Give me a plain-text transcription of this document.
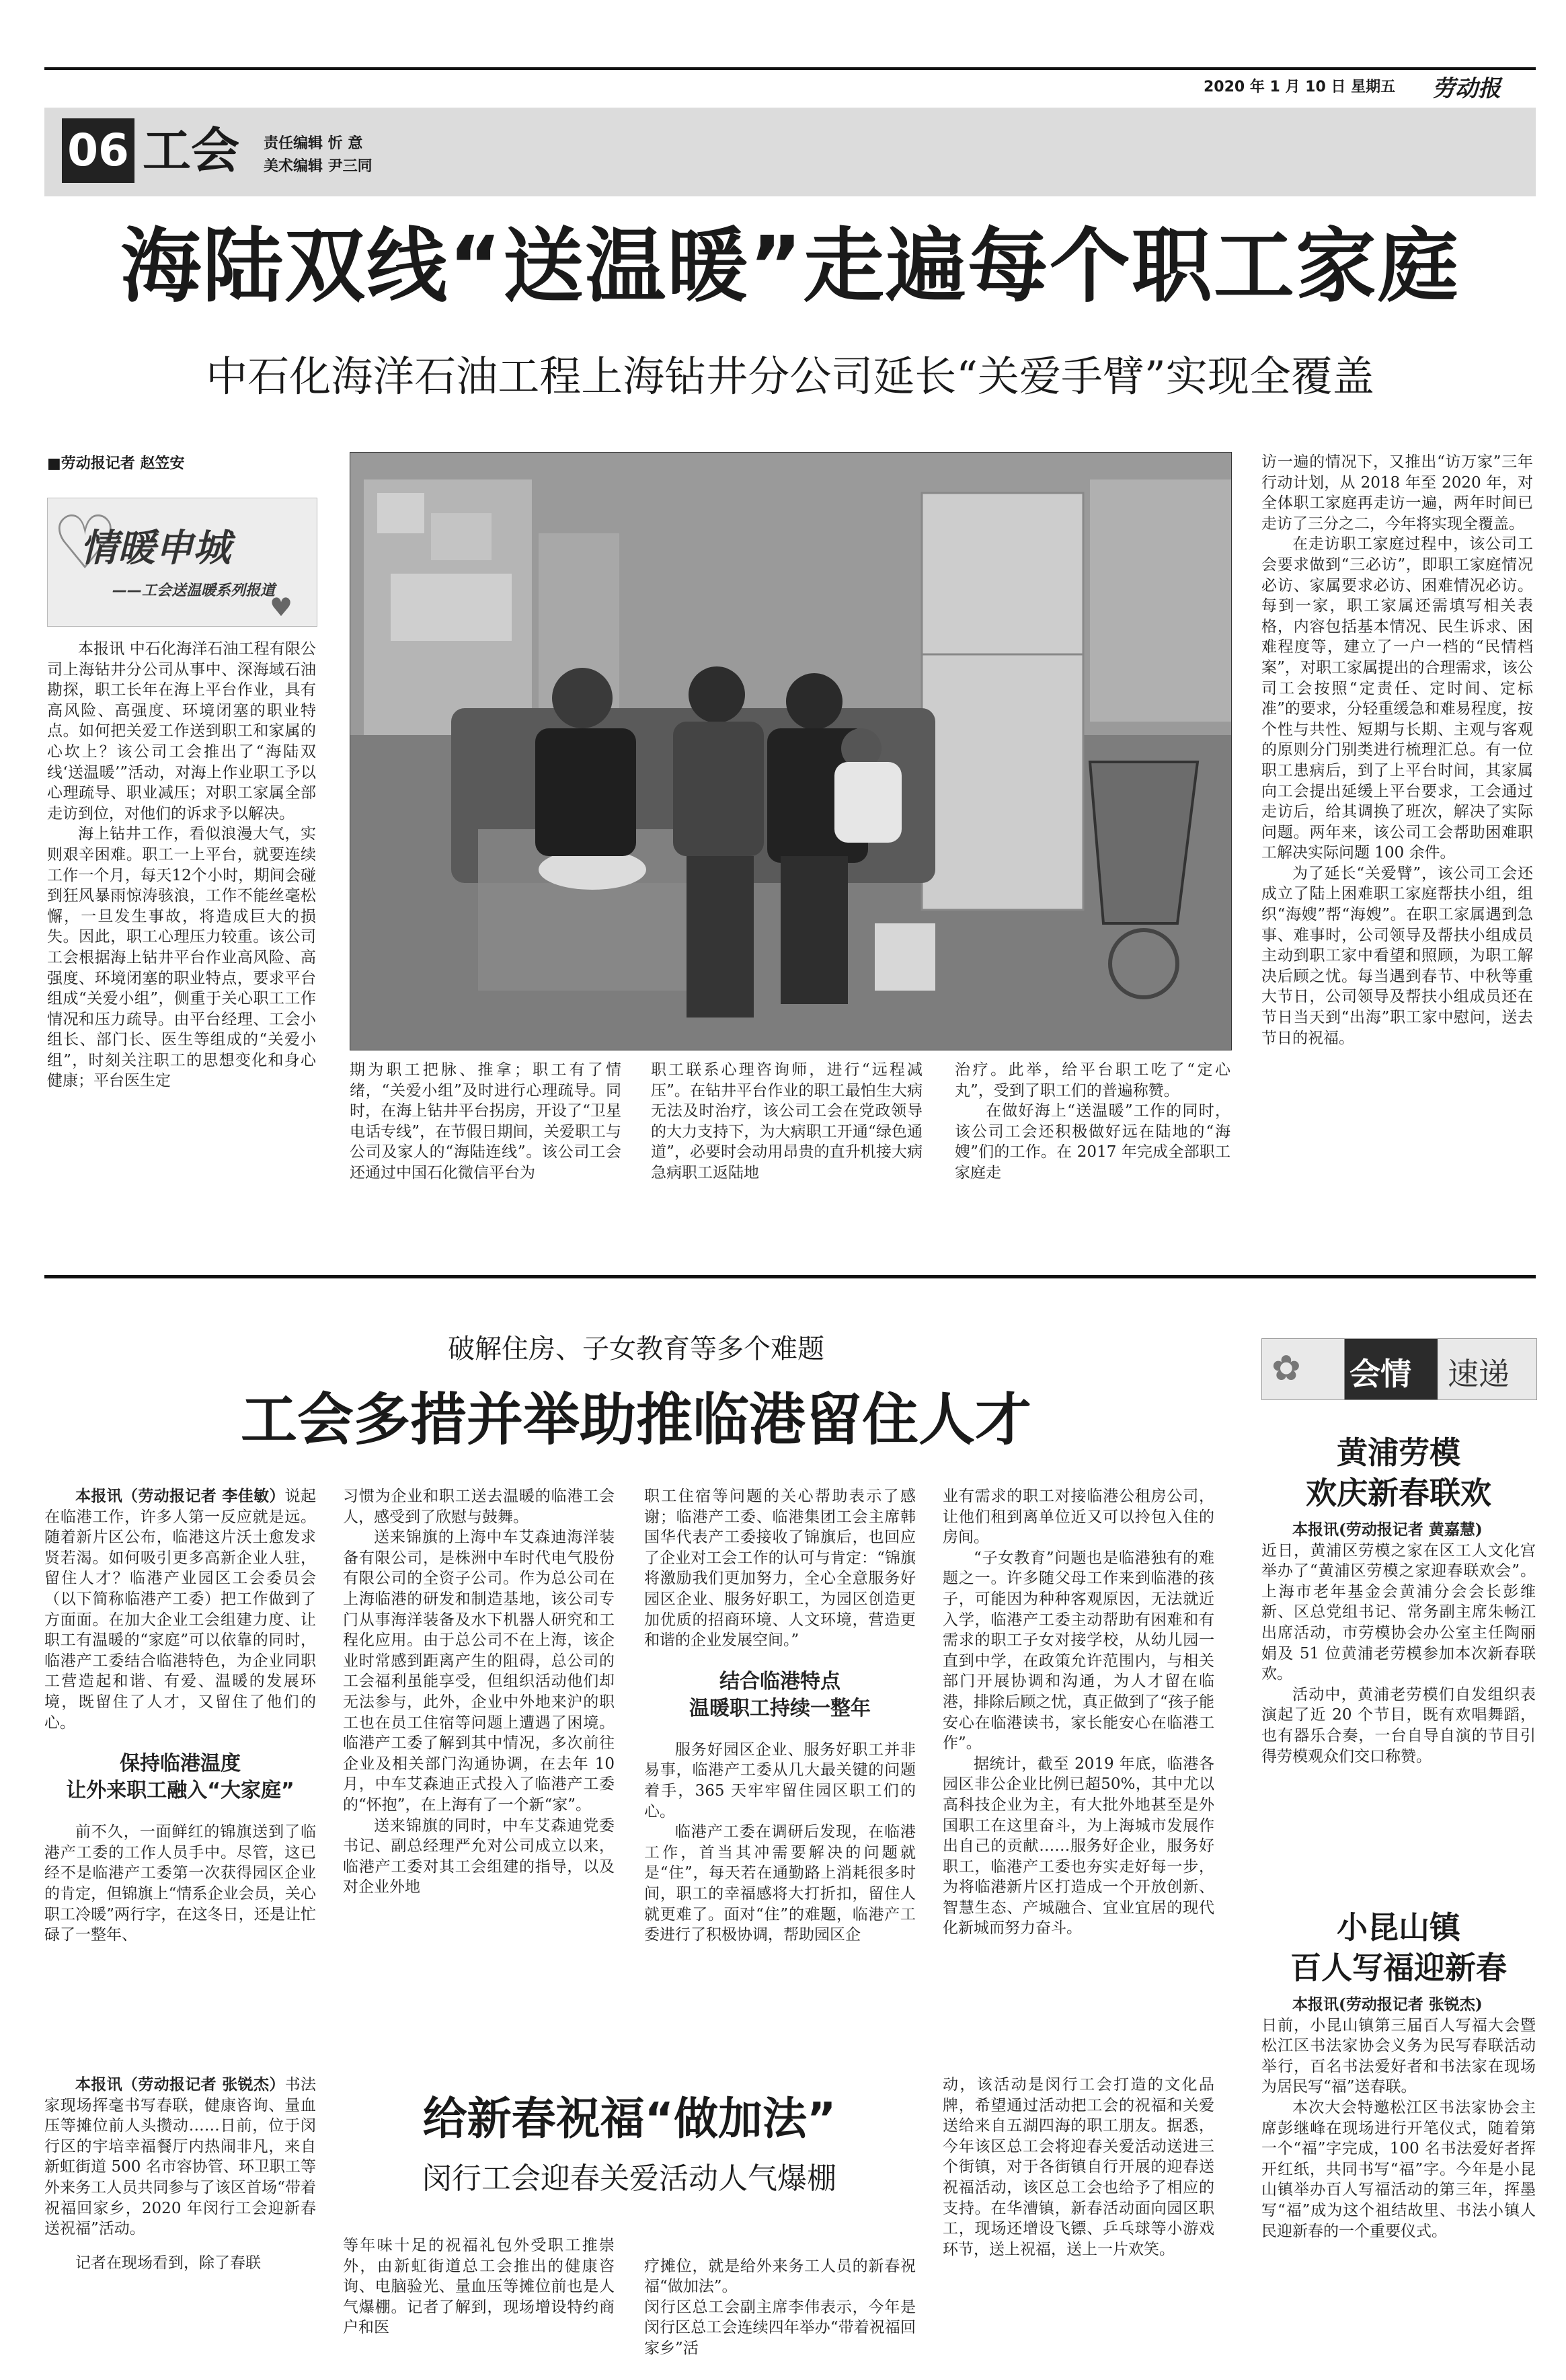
2020 年 1 月 10 日 星期五 劳动报
06 工会 责任编辑 忻 意
美术编辑 尹三同
海陆双线“送温暖”走遍每个职工家庭
中石化海洋石油工程上海钻井分公司延长“关爱手臂”实现全覆盖
■劳动报记者 赵笠安
♡
情暖申城
——工会送温暖系列报道
♥

本报讯 中石化海洋石油工程有限公司上海钻井分公司从事中、深海域石油勘探，职工长年在海上平台作业，具有高风险、高强度、环境闭塞的职业特点。如何把关爱工作送到职工和家属的心坎上？该公司工会推出了“海陆双线‘送温暖’”活动，对海上作业职工予以心理疏导、职业减压；对职工家属全部走访到位，对他们的诉求予以解决。

海上钻井工作，看似浪漫大气，实则艰辛困难。职工一上平台，就要连续工作一个月，每天12个小时，期间会碰到狂风暴雨惊涛骇浪，工作不能丝毫松懈，一旦发生事故，将造成巨大的损失。因此，职工心理压力较重。该公司工会根据海上钻井平台作业高风险、高强度、环境闭塞的职业特点，要求平台组成“关爱小组”，侧重于关心职工工作情况和压力疏导。由平台经理、工会小组长、部门长、医生等组成的“关爱小组”，时刻关注职工的思想变化和身心健康；平台医生定

期为职工把脉、推拿；职工有了情绪，“关爱小组”及时进行心理疏导。同时，在海上钻井平台拐房，开设了“卫星电话专线”，在节假日期间，关爱职工与公司及家人的“海陆连线”。该公司工会还通过中国石化微信平台为

职工联系心理咨询师，进行“远程减压”。在钻井平台作业的职工最怕生大病无法及时治疗，该公司工会在党政领导的大力支持下，为大病职工开通“绿色通道”，必要时会动用昂贵的直升机接大病急病职工返陆地

治疗。此举，给平台职工吃了“定心丸”，受到了职工们的普遍称赞。

在做好海上“送温暖”工作的同时，该公司工会还积极做好远在陆地的“海嫂”们的工作。在 2017 年完成全部职工家庭走

访一遍的情况下，又推出“访万家”三年行动计划，从 2018 年至 2020 年，对全体职工家庭再走访一遍，两年时间已走访了三分之二，今年将实现全覆盖。

在走访职工家庭过程中，该公司工会要求做到“三必访”，即职工家庭情况必访、家属要求必访、困难情况必访。每到一家，职工家属还需填写相关表格，内容包括基本情况、民生诉求、困难程度等，建立了一户一档的“民情档案”，对职工家属提出的合理需求，该公司工会按照“定责任、定时间、定标准”的要求，分轻重缓急和难易程度，按个性与共性、短期与长期、主观与客观的原则分门别类进行梳理汇总。有一位职工患病后，到了上平台时间，其家属向工会提出延缓上平台要求，工会通过走访后，给其调换了班次，解决了实际问题。两年来，该公司工会帮助困难职工解决实际问题 100 余件。

为了延长“关爱臂”，该公司工会还成立了陆上困难职工家庭帮扶小组，组织“海嫂”帮“海嫂”。在职工家属遇到急事、难事时，公司领导及帮扶小组成员主动到职工家中看望和照顾，为职工解决后顾之忧。每当遇到春节、中秋等重大节日，公司领导及帮扶小组成员还在节日当天到“出海”职工家中慰问，送去节日的祝福。

破解住房、子女教育等多个难题
工会多措并举助推临港留住人才

本报讯（劳动报记者 李佳敏）说起在临港工作，许多人第一反应就是远。随着新片区公布，临港这片沃土愈发求贤若渴。如何吸引更多高新企业人驻，留住人才？临港产业园区工会委员会（以下简称临港产工委）把工作做到了方面面。在加大企业工会组建力度、让职工有温暖的“家庭”可以依靠的同时，临港产工委结合临港特色，为企业同职工营造起和谐、有爱、温暖的发展环境，既留住了人才，又留住了他们的心。

保持临港温度
让外来职工融入“大家庭”

前不久，一面鲜红的锦旗送到了临港产工委的工作人员手中。尽管，这已经不是临港产工委第一次获得园区企业的肯定，但锦旗上“情系企业会员，关心职工冷暖”两行字，在这冬日，还是让忙碌了一整年、

习惯为企业和职工送去温暖的临港工会人，感受到了欣慰与鼓舞。

送来锦旗的上海中车艾森迪海洋装备有限公司，是株洲中车时代电气股份有限公司的全资子公司。作为总公司在上海临港的研发和制造基地，该公司专门从事海洋装备及水下机器人研究和工程化应用。由于总公司不在上海，该企业时常感到距离产生的阻碍，总公司的工会福利虽能享受，但组织活动他们却无法参与，此外，企业中外地来沪的职工也在员工住宿等问题上遭遇了困境。临港产工委了解到其中情况，多次前往企业及相关部门沟通协调，在去年 10 月，中车艾森迪正式投入了临港产工委的“怀抱”，在上海有了一个新“家”。

送来锦旗的同时，中车艾森迪党委书记、副总经理严允对公司成立以来，临港产工委对其工会组建的指导，以及对企业外地

职工住宿等问题的关心帮助表示了感谢；临港产工委、临港集团工会主席韩国华代表产工委接收了锦旗后，也回应了企业对工会工作的认可与肯定：“锦旗将激励我们更加努力，全心全意服务好园区企业、服务好职工，为园区创造更加优质的招商环境、人文环境，营造更和谐的企业发展空间。”

结合临港特点
温暖职工持续一整年

服务好园区企业、服务好职工并非易事，临港产工委从几大最关键的问题着手，365 天牢牢留住园区职工们的心。

临港产工委在调研后发现，在临港工作，首当其冲需要解决的问题就是“住”，每天若在通勤路上消耗很多时间，职工的幸福感将大打折扣，留住人就更难了。面对“住”的难题，临港产工委进行了积极协调，帮助园区企

业有需求的职工对接临港公租房公司，让他们租到离单位近又可以拎包入住的房间。

“子女教育”问题也是临港独有的难题之一。许多随父母工作来到临港的孩子，可能因为种种客观原因，无法就近入学，临港产工委主动帮助有困难和有需求的职工子女对接学校，从幼儿园一直到中学，在政策允许范围内，与相关部门开展协调和沟通，为人才留在临港，排除后顾之忧，真正做到了“孩子能安心在临港读书，家长能安心在临港工作”。

据统计，截至 2019 年底，临港各园区非公企业比例已超50%，其中尤以高科技企业为主，有大批外地甚至是外国职工在这里奋斗，为上海城市发展作出自己的贡献……服务好企业，服务好职工，临港产工委也夯实走好每一步，为将临港新片区打造成一个开放创新、智慧生态、产城融合、宜业宜居的现代化新城而努力奋斗。

本报讯（劳动报记者 张锐杰）书法家现场挥毫书写春联，健康咨询、量血压等摊位前人头攒动……日前，位于闵行区的宇培幸福餐厅内热闹非凡，来自新虹街道 500 名市容协管、环卫职工等外来务工人员共同参与了该区首场“带着祝福回家乡，2020 年闵行工会迎新春送祝福”活动。

记者在现场看到，除了春联

给新春祝福“做加法”
闵行工会迎春关爱活动人气爆棚

等年味十足的祝福礼包外受职工推崇外，由新虹街道总工会推出的健康咨询、电脑验光、量血压等摊位前也是人气爆棚。记者了解到，现场增设特约商户和医

疗摊位，就是给外来务工人员的新春祝福“做加法”。
闵行区总工会副主席李伟表示，今年是闵行区总工会连续四年举办“带着祝福回家乡”活

动，该活动是闵行工会打造的文化品牌，希望通过活动把工会的祝福和关爱送给来自五湖四海的职工朋友。据悉，今年该区总工会将迎春关爱活动送进三个街镇，对于各街镇自行开展的迎春送祝福活动，该区总工会也给予了相应的支持。在华漕镇，新春活动面向园区职工，现场还增设飞镖、乒乓球等小游戏环节，送上祝福，送上一片欢笑。

✿ 会情 速递
黄浦劳模
欢庆新春联欢

本报讯(劳动报记者 黄嘉慧)

近日，黄浦区劳模之家在区工人文化宫举办了“黄浦区劳模之家迎春联欢会”。上海市老年基金会黄浦分会会长彭维新、区总党组书记、常务副主席朱畅江出席活动，市劳模协会办公室主任陶丽娟及 51 位黄浦老劳模参加本次新春联欢。

活动中，黄浦老劳模们自发组织表演起了近 20 个节目，既有欢唱舞蹈，也有器乐合奏，一台自导自演的节目引得劳模观众们交口称赞。

小昆山镇
百人写福迎新春

本报讯(劳动报记者 张锐杰)

日前，小昆山镇第三届百人写福大会暨松江区书法家协会义务为民写春联活动举行，百名书法爱好者和书法家在现场为居民写“福”送春联。

本次大会特邀松江区书法家协会主席彭继峰在现场进行开笔仪式，随着第一个“福”字完成，100 名书法爱好者挥开红纸，共同书写“福”字。今年是小昆山镇举办百人写福活动的第三年，挥墨写“福”成为这个祖结故里、书法小镇人民迎新春的一个重要仪式。
